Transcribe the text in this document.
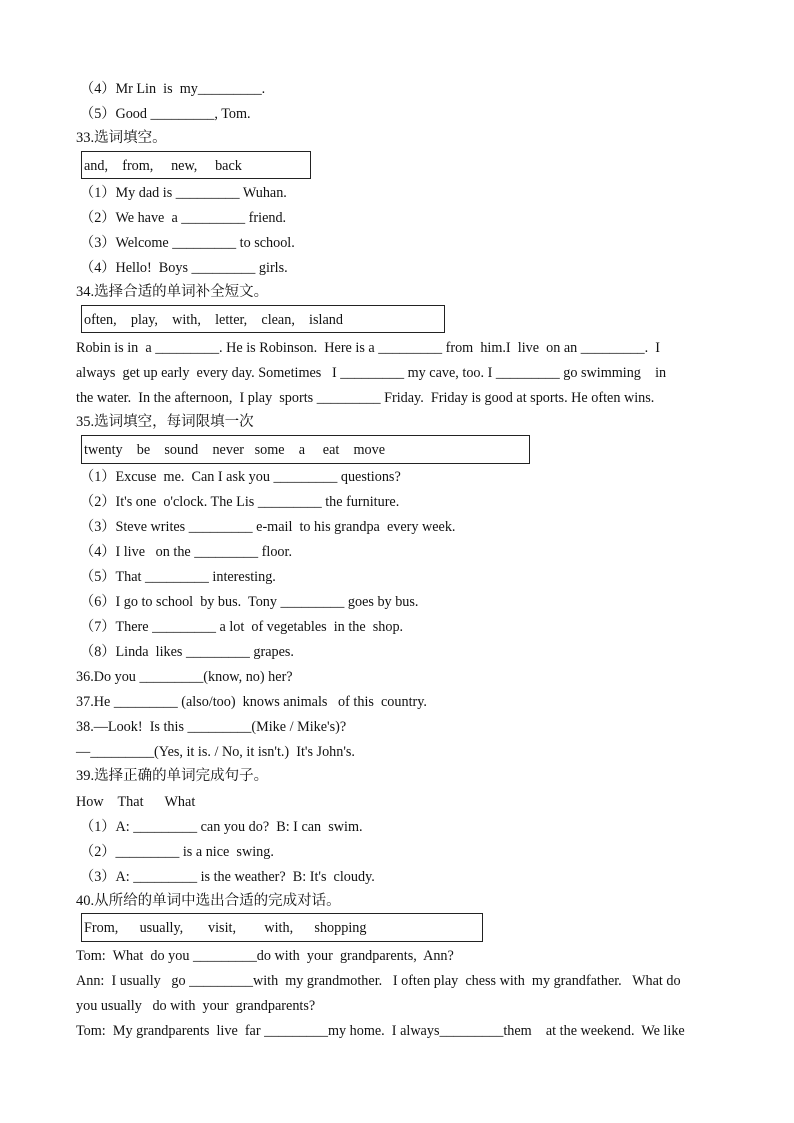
（4）Mr Lin  is  my_________.
（5）Good _________, Tom.
33.选词填空。
and,    from,     new,     back
（1）My dad is _________ Wuhan.
（2）We have  a _________ friend.
（3）Welcome _________ to school.
（4）Hello!  Boys _________ girls.
34.选择合适的单词补全短文。
often,    play,    with,    letter,    clean,    island
Robin is in  a _________. He is Robinson.  Here is a _________ from  him.I  live  on an _________.  I
always  get up early  every day. Sometimes   I _________ my cave, too. I _________ go swimming    in
the water.  In the afternoon,  I play  sports _________ Friday.  Friday is good at sports. He often wins.
35.选词填空，每词限填一次
twenty    be    sound    never   some    a     eat    move
（1）Excuse  me.  Can I ask you _________ questions?
（2）It's one  o'clock. The Lis _________ the furniture.
（3）Steve writes _________ e-mail  to his grandpa  every week.
（4）I live   on the _________ floor.
（5）That _________ interesting.
（6）I go to school  by bus.  Tony _________ goes by bus.
（7）There _________ a lot  of vegetables  in the  shop.
（8）Linda  likes _________ grapes.
36.Do you _________(know, no) her?
37.He _________ (also/too)  knows animals   of this  country.
38.—Look!  Is this _________(Mike / Mike's)?
—_________(Yes, it is. / No, it isn't.)  It's John's.
39.选择正确的单词完成句子。
How    That      What
（1）A: _________ can you do?  B: I can  swim.
（2）_________ is a nice  swing.
（3）A: _________ is the weather?  B: It's  cloudy.
40.从所给的单词中选出合适的完成对话。
From,      usually,       visit,        with,      shopping
Tom:  What  do you _________do with  your  grandparents,  Ann?
Ann:  I usually   go _________with  my grandmother.   I often play  chess with  my grandfather.   What do
you usually   do with  your  grandparents?
Tom:  My grandparents  live  far _________my home.  I always_________them    at the weekend.  We like
